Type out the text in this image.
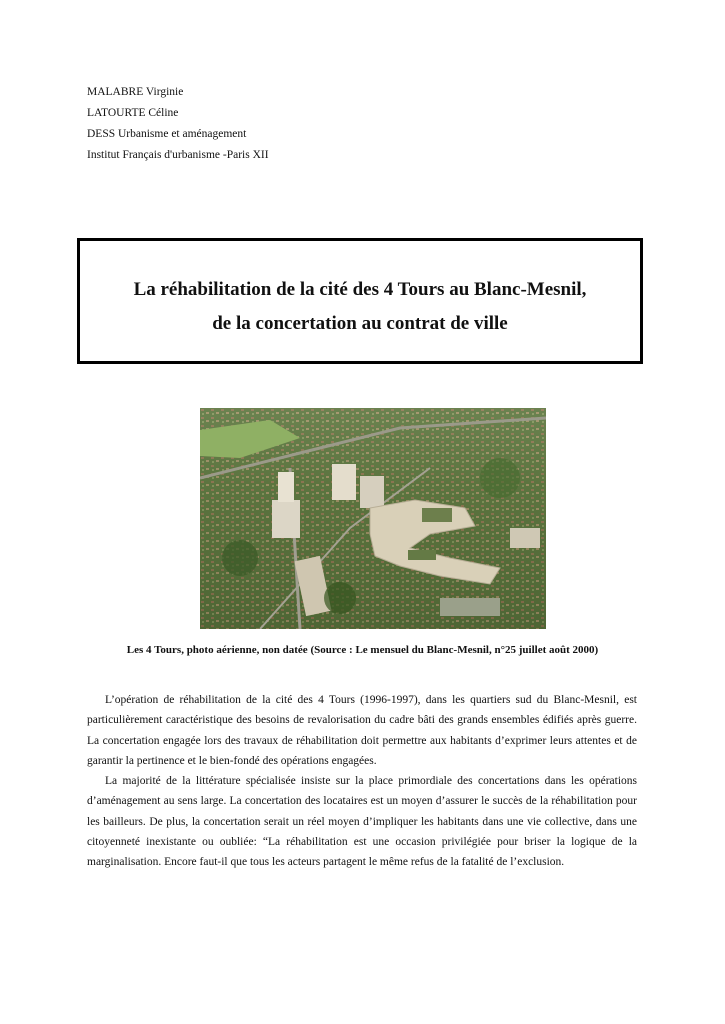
MALABRE Virginie
LATOURTE Céline
DESS Urbanisme et aménagement
Institut Français d'urbanisme -Paris XII
La réhabilitation de la cité des 4 Tours au Blanc-Mesnil,
de la concertation au contrat de ville
Les 4 Tours, photo aérienne, non datée (Source : Le mensuel du Blanc-Mesnil, n°25 juillet août 2000)

L’opération de réhabilitation de la cité des 4 Tours (1996-1997), dans les quartiers sud du Blanc-Mesnil, est particulièrement caractéristique des besoins de revalorisation du cadre bâti des grands ensembles édifiés après guerre. La concertation engagée lors des travaux de réhabilitation doit permettre aux habitants d’exprimer leurs attentes et de garantir la pertinence et le bien-fondé des opérations engagées.

La majorité de la littérature spécialisée insiste sur la place primordiale des concertations dans les opérations d’aménagement au sens large. La concertation des locataires est un moyen d’assurer le succès de la réhabilitation pour les bailleurs. De plus, la concertation serait un réel moyen d’impliquer les habitants dans une vie collective, dans une citoyenneté inexistante ou oubliée: “La réhabilitation est une occasion privilégiée pour briser la logique de la marginalisation. Encore faut-il que tous les acteurs partagent le même refus de la fatalité de l’exclusion.
